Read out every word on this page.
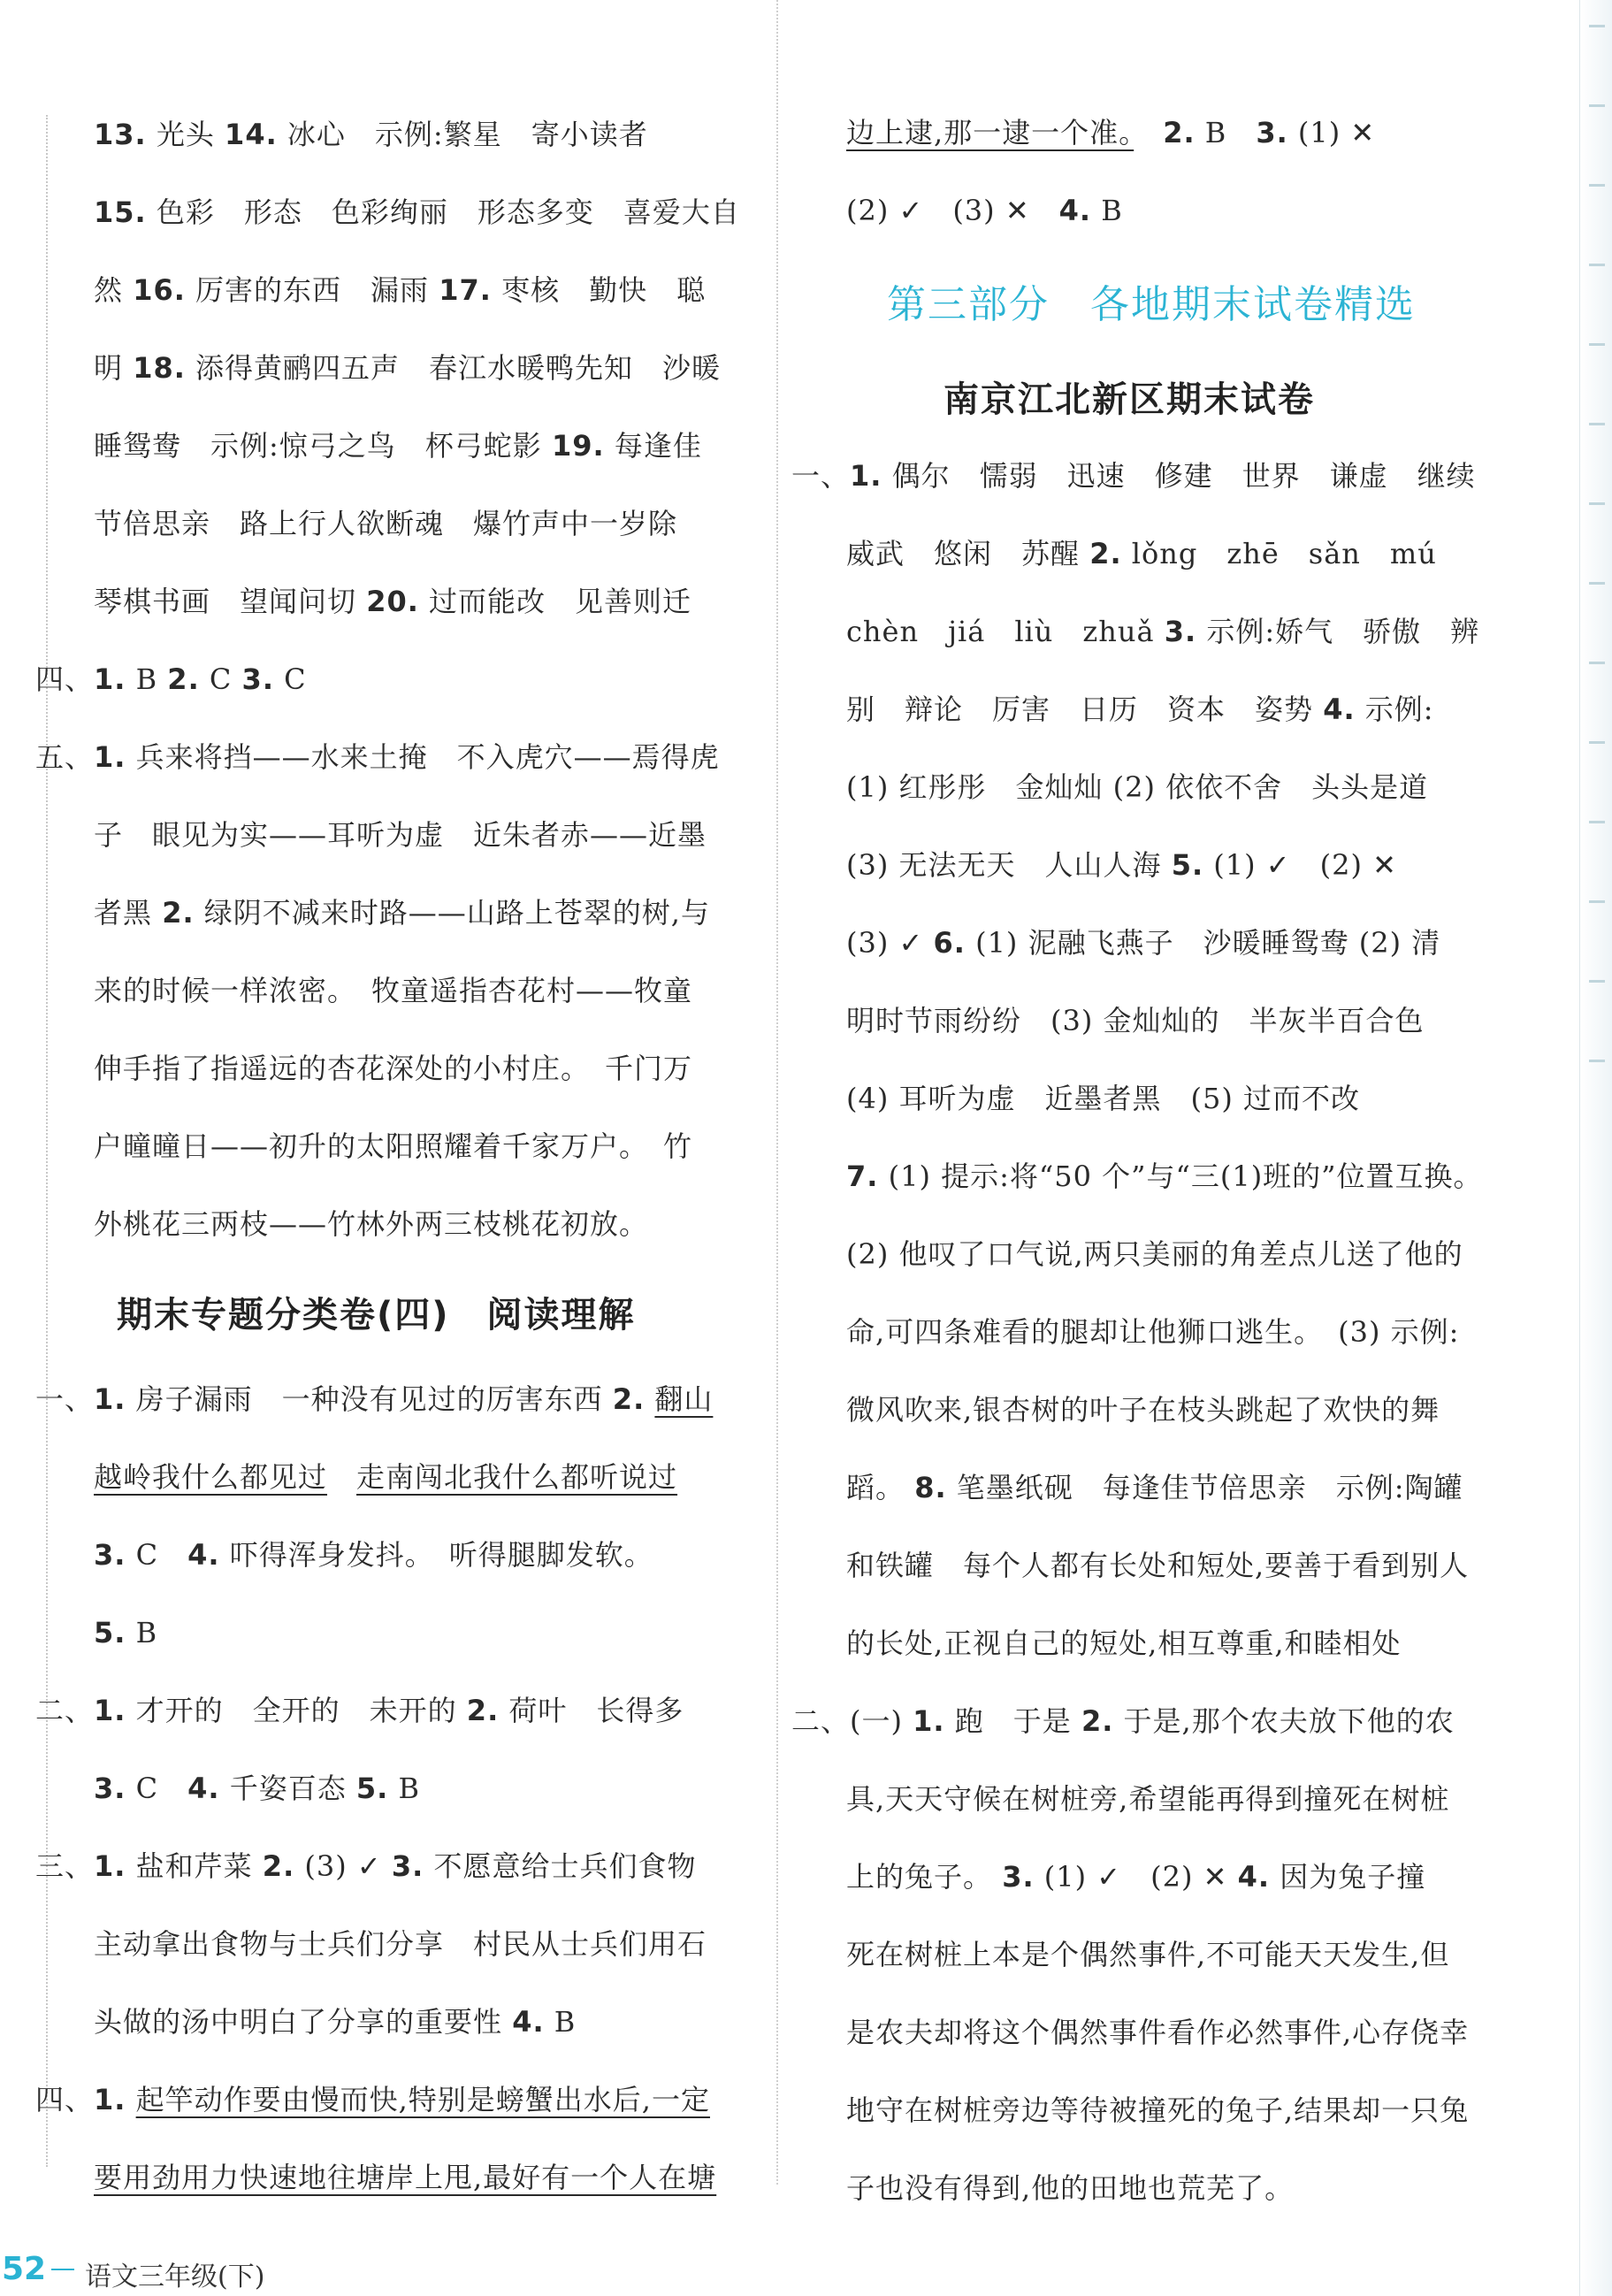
13. 光头 14. 冰心　示例:繁星　寄小读者
15. 色彩　形态　色彩绚丽　形态多变　喜爱大自
然 16. 厉害的东西　漏雨 17. 枣核　勤快　聪
明 18. 添得黄鹂四五声　春江水暖鸭先知　沙暖
睡鸳鸯　示例:惊弓之鸟　杯弓蛇影 19. 每逢佳
节倍思亲　路上行人欲断魂　爆竹声中一岁除
琴棋书画　望闻问切 20. 过而能改　见善则迁
四、1. B 2. C 3. C
五、1. 兵来将挡——水来土掩　不入虎穴——焉得虎
子　眼见为实——耳听为虚　近朱者赤——近墨
者黑 2. 绿阴不减来时路——山路上苍翠的树,与
来的时候一样浓密。　牧童遥指杏花村——牧童
伸手指了指遥远的杏花深处的小村庄。　千门万
户曈曈日——初升的太阳照耀着千家万户。　竹
外桃花三两枝——竹林外两三枝桃花初放。
期末专题分类卷(四)　阅读理解
一、1. 房子漏雨　一种没有见过的厉害东西 2. 翻山
越岭我什么都见过　 走南闯北我什么都听说过
3. C　4. 吓得浑身发抖。　听得腿脚发软。
5. B
二、1. 才开的　全开的　未开的 2. 荷叶　长得多
3. C　4. 千姿百态 5. B
三、1. 盐和芹菜 2. (3) ✓ 3. 不愿意给士兵们食物
主动拿出食物与士兵们分享　村民从士兵们用石
头做的汤中明白了分享的重要性 4. B
四、1. 起竿动作要由慢而快,特别是螃蟹出水后,一定
要用劲用力快速地往塘岸上甩,最好有一个人在塘
边上逮,那一逮一个准。　 2. B　3. (1) ✕
(2) ✓　(3) ✕　4. B
第三部分　各地期末试卷精选
南京江北新区期末试卷
一、1. 偶尔　懦弱　迅速　修建　世界　谦虚　继续
威武　悠闲　苏醒 2. lǒng　zhē　sǎn　mú
chèn　jiá　liù　zhuǎ 3. 示例:娇气　骄傲　辨
别　辩论　厉害　日历　资本　姿势 4. 示例:
(1) 红彤彤　金灿灿 (2) 依依不舍　头头是道
(3) 无法无天　人山人海 5. (1) ✓　(2) ✕
(3) ✓ 6. (1) 泥融飞燕子　沙暖睡鸳鸯 (2) 清
明时节雨纷纷　(3) 金灿灿的　半灰半百合色
(4) 耳听为虚　近墨者黑　(5) 过而不改
7. (1) 提示:将“50 个”与“三(1)班的”位置互换。
(2) 他叹了口气说,两只美丽的角差点儿送了他的
命,可四条难看的腿却让他狮口逃生。　(3) 示例:
微风吹来,银杏树的叶子在枝头跳起了欢快的舞
蹈。 8. 笔墨纸砚　每逢佳节倍思亲　示例:陶罐
和铁罐　每个人都有长处和短处,要善于看到别人
的长处,正视自己的短处,相互尊重,和睦相处
二、(一) 1. 跑　于是 2. 于是,那个农夫放下他的农
具,天天守候在树桩旁,希望能再得到撞死在树桩
上的兔子。 3. (1) ✓　(2) ✕ 4. 因为兔子撞
死在树桩上本是个偶然事件,不可能天天发生,但
是农夫却将这个偶然事件看作必然事件,心存侥幸
地守在树桩旁边等待被撞死的兔子,结果却一只兔
子也没有得到,他的田地也荒芜了。
52 语文三年级(下)
